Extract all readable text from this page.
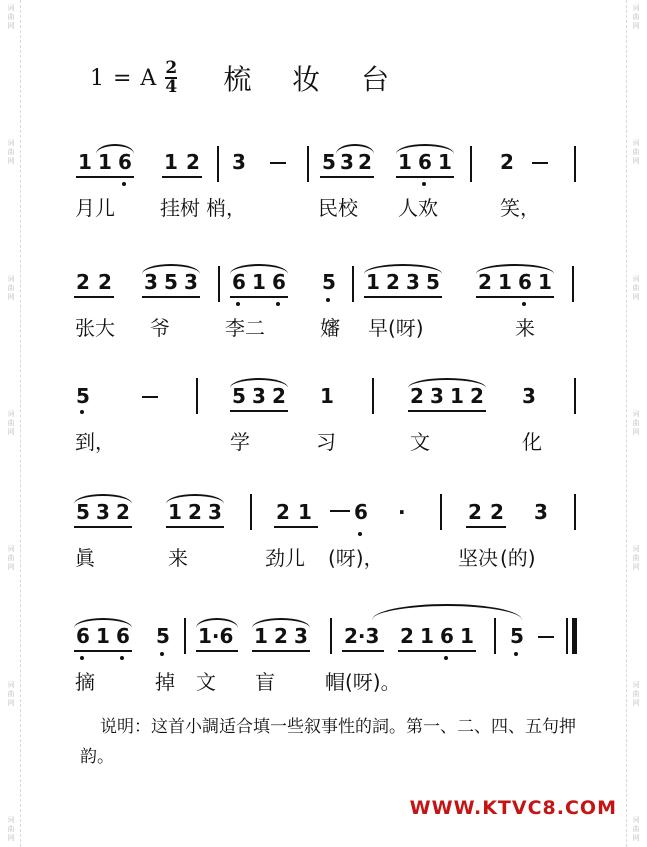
词
曲
网
词
曲
网
词
曲
网
词
曲
网
词
曲
网
词
曲
网
词
曲
网
词
曲
网
词
曲
网
词
曲
网
词
曲
网
词
曲
网
词
曲
网
词
曲
网
1 = A 2
4 梳 妆 台
1 1 6 1 2 3	5 3 2 1 6 1 2
月儿 挂树 梢，	民校 人欢	笑，
2 2 3 5 3 6 1 6 5 1 2 3 5 2 1 6 1
张大 爷	李二	嬸 早(呀)	来
5	5 3 2 1	2 3 1 2 3
到，	学	习	文	化
5 3 2 1 2 3	2 1 6 ·	2 2 3
眞	来	劲儿 (呀)，	坚决 (的)
6 1 6 5 1·6 1 2 3 2·3 2 1 6 1 5
摘	掉 文 盲	帽(呀)。
说明：这首小調适合填一些叙事性的詞。第一、二、四、五句押韵。
WWW.KTVC8.COM
